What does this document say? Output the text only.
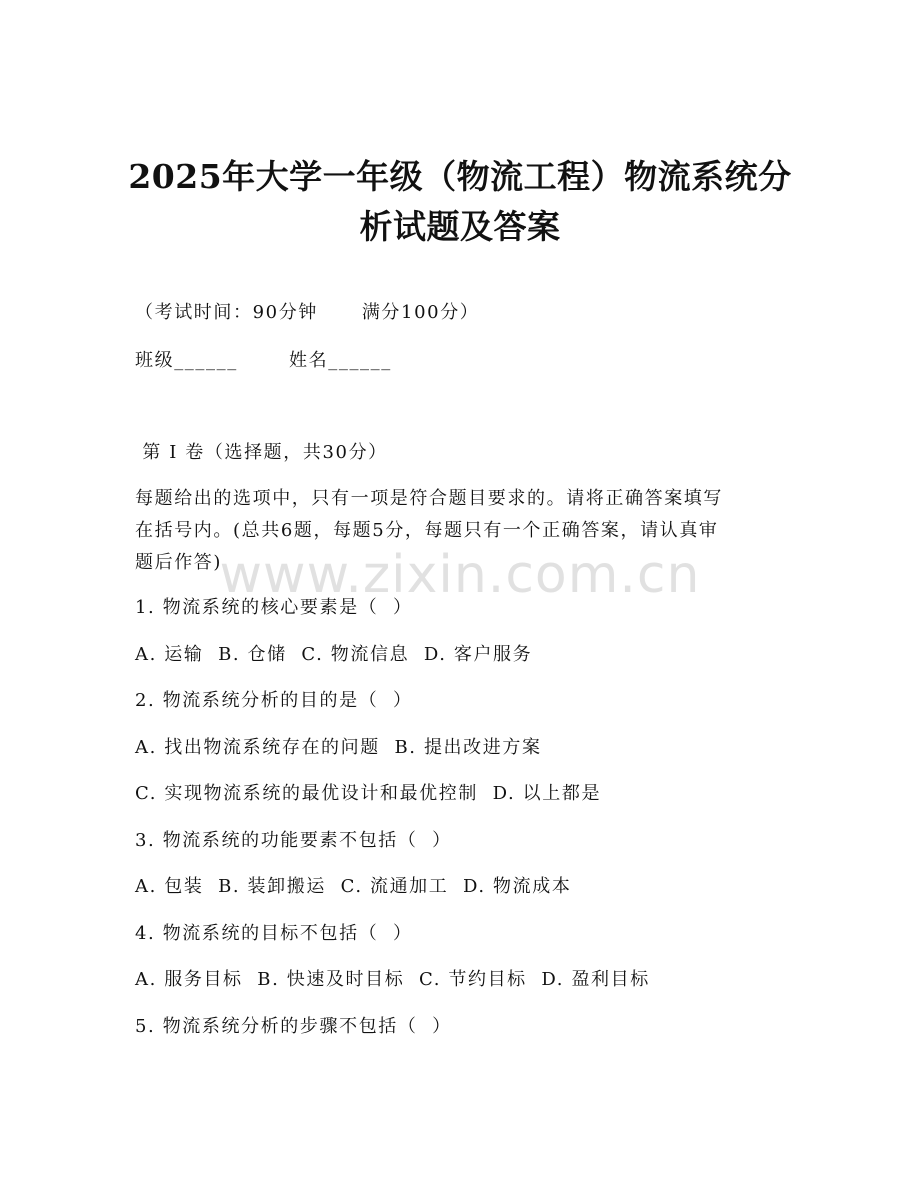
2025年大学一年级（物流工程）物流系统分
析试题及答案
（考试时间：90分钟      满分100分）
班级______       姓名______
第 I 卷（选择题，共30分）
每题给出的选项中，只有一项是符合题目要求的。请将正确答案填写
在括号内。(总共6题，每题5分，每题只有一个正确答案，请认真审
题后作答)
1. 物流系统的核心要素是（  ）
A. 运输  B. 仓储  C. 物流信息  D. 客户服务
2. 物流系统分析的目的是（  ）
A. 找出物流系统存在的问题  B. 提出改进方案
C. 实现物流系统的最优设计和最优控制  D. 以上都是
3. 物流系统的功能要素不包括（  ）
A. 包装  B. 装卸搬运  C. 流通加工  D. 物流成本
4. 物流系统的目标不包括（  ）
A. 服务目标  B. 快速及时目标  C. 节约目标  D. 盈利目标
5. 物流系统分析的步骤不包括（  ）
www.zixin.com.cn
